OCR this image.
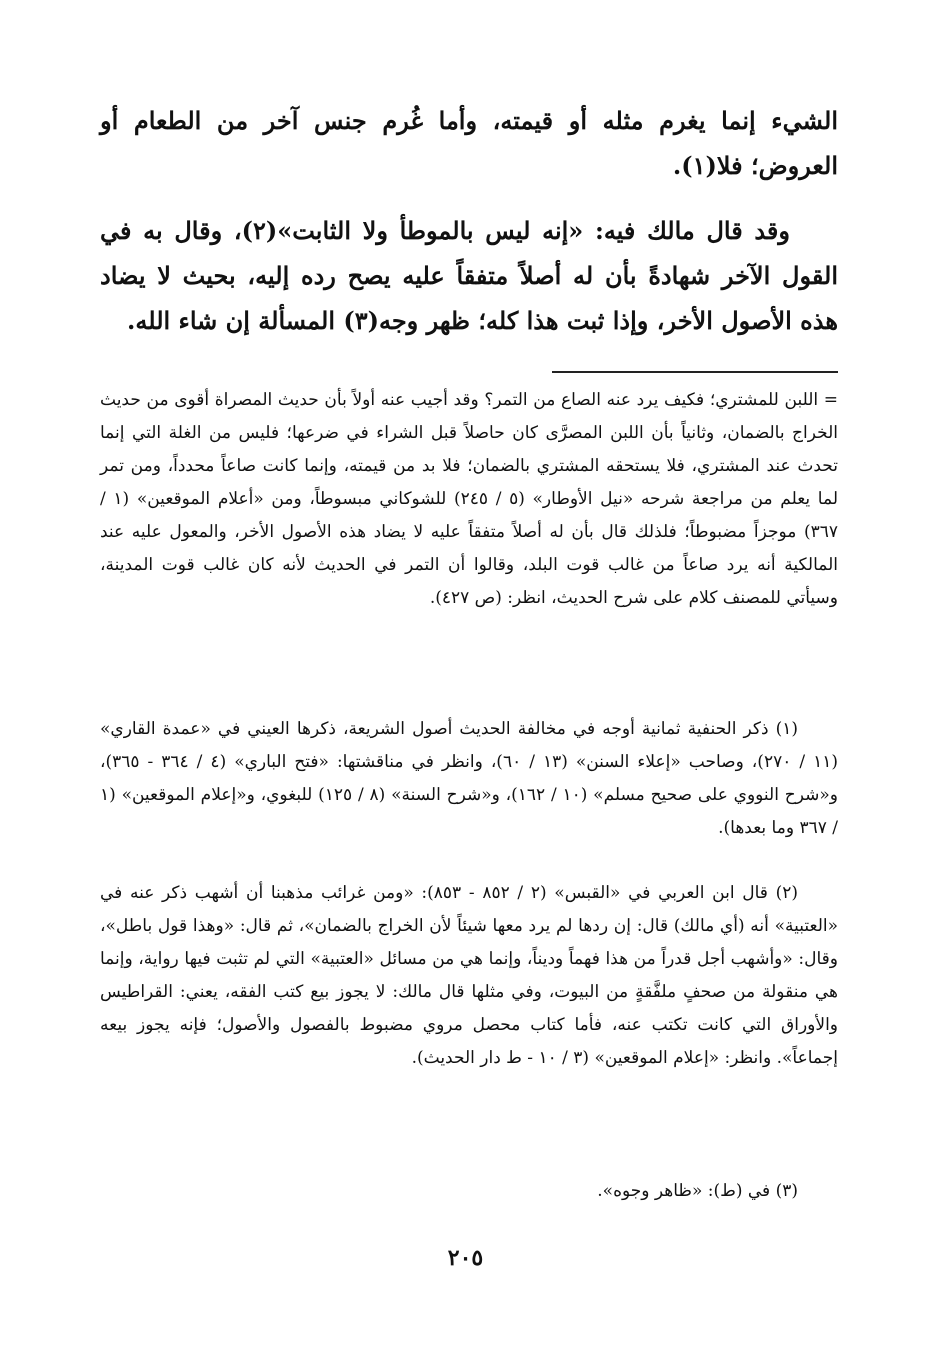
الشيء إنما يغرم مثله أو قيمته، وأما غُرم جنس آخر من الطعام أو العروض؛ فلا(١).

وقد قال مالك فيه: «إنه ليس بالموطأ ولا الثابت»(٢)، وقال به في القول الآخر شهادةً بأن له أصلاً متفقاً عليه يصح رده إليه، بحيث لا يضاد هذه الأصول الأخر، وإذا ثبت هذا كله؛ ظهر وجه(٣) المسألة إن شاء الله.

= اللبن للمشتري؛ فكيف يرد عنه الصاع من التمر؟ وقد أجيب عنه أولاً بأن حديث المصراة أقوى من حديث الخراج بالضمان، وثانياً بأن اللبن المصرَّى كان حاصلاً قبل الشراء في ضرعها؛ فليس من الغلة التي إنما تحدث عند المشتري، فلا يستحقه المشتري بالضمان؛ فلا بد من قيمته، وإنما كانت صاعاً محدداً، ومن تمر لما يعلم من مراجعة شرحه «نيل الأوطار» (٥ / ٢٤٥) للشوكاني مبسوطاً، ومن «أعلام الموقعين» (١ / ٣٦٧) موجزاً مضبوطاً؛ فلذلك قال بأن له أصلاً متفقاً عليه لا يضاد هذه الأصول الأخر، والمعول عليه عند المالكية أنه يرد صاعاً من غالب قوت البلد، وقالوا أن التمر في الحديث لأنه كان غالب قوت المدينة، وسيأتي للمصنف كلام على شرح الحديث، انظر: (ص ٤٢٧).

(١) ذكر الحنفية ثمانية أوجه في مخالفة الحديث أصول الشريعة، ذكرها العيني في «عمدة القاري» (١١ / ٢٧٠)، وصاحب «إعلاء السنن» (١٣ / ٦٠)، وانظر في مناقشتها: «فتح الباري» (٤ / ٣٦٤ - ٣٦٥)، و«شرح النووي على صحيح مسلم» (١٠ / ١٦٢)، و«شرح السنة» (٨ / ١٢٥) للبغوي، و«إعلام الموقعين» (١ / ٣٦٧ وما بعدها).

(٢) قال ابن العربي في «القبس» (٢ / ٨٥٢ - ٨٥٣): «ومن غرائب مذهبنا أن أشهب ذكر عنه في «العتبية» أنه (أي مالك) قال: إن ردها لم يرد معها شيئاً لأن الخراج بالضمان»، ثم قال: «وهذا قول باطل»، وقال: «وأشهب أجل قدراً من هذا فهماً وديناً، وإنما هي من مسائل «العتبية» التي لم تثبت فيها رواية، وإنما هي منقولة من صحفٍ ملفَّقةٍ من البيوت، وفي مثلها قال مالك: لا يجوز بيع كتب الفقه، يعني: القراطيس والأوراق التي كانت تكتب عنه، فأما كتاب محصل مروي مضبوط بالفصول والأصول؛ فإنه يجوز بيعه إجماعاً». وانظر: «إعلام الموقعين» (٣ / ١٠ - ط دار الحديث).

(٣) في (ط): «ظاهر وجوه».

٢٠٥
